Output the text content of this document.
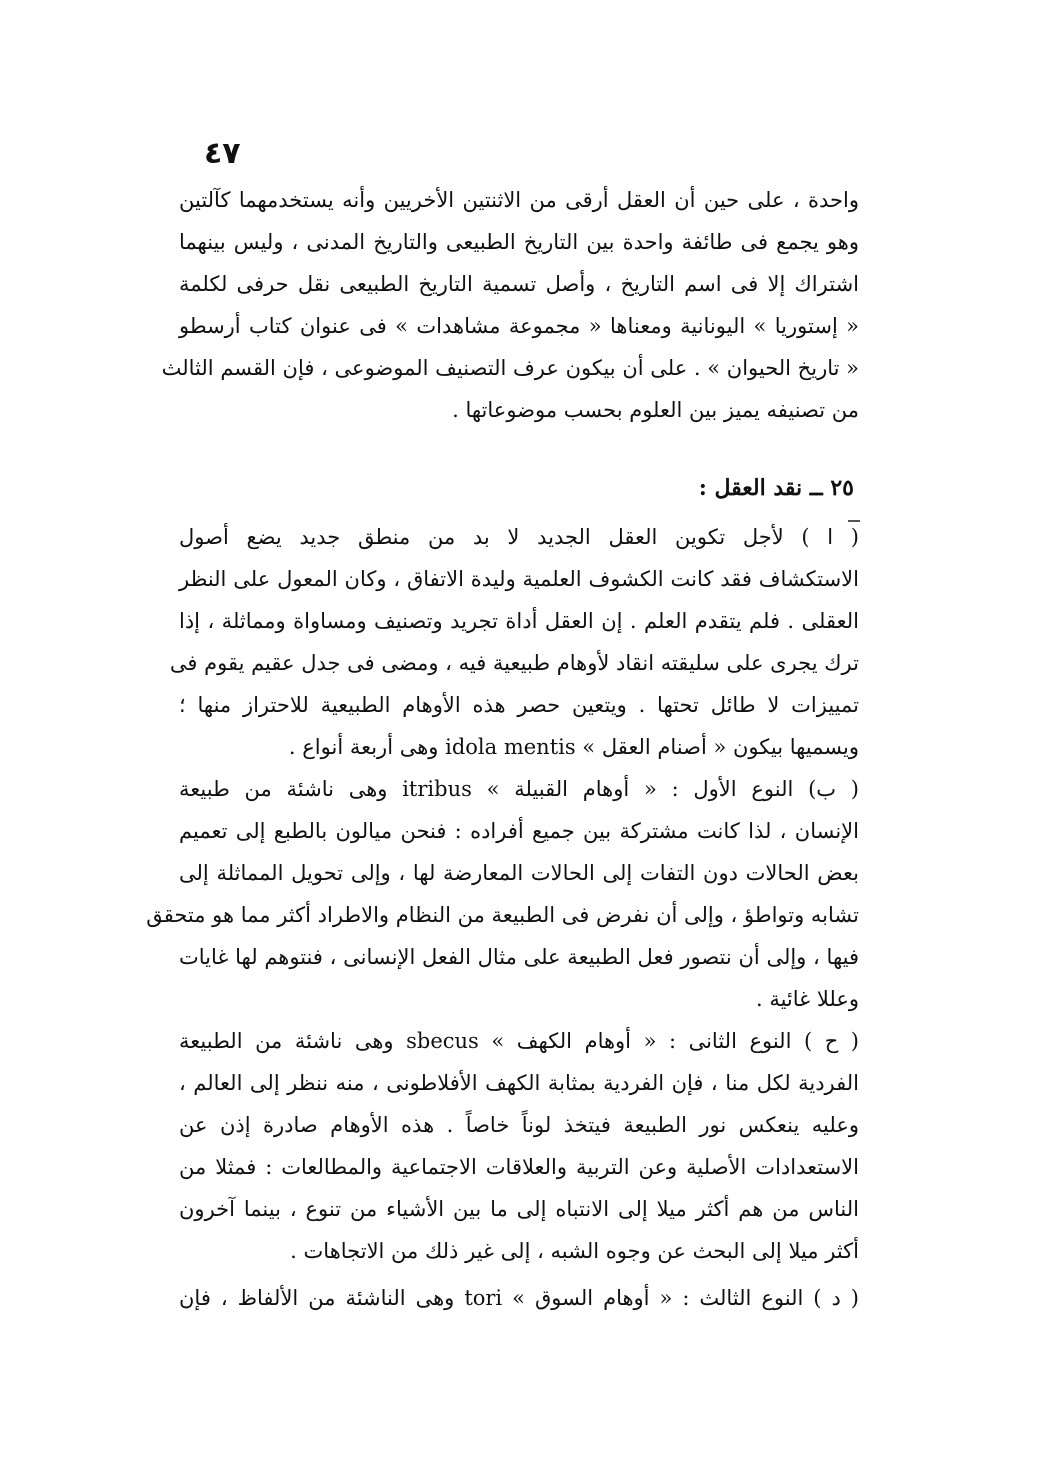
٤٧
واحدة ، على حين أن العقل أرقى من الاثنتين الأخريين وأنه يستخدمهما كآلتين
وهو يجمع فى طائفة واحدة بين التاريخ الطبيعى والتاريخ المدنى ، وليس بينهما
اشتراك إلا فى اسم التاريخ ، وأصل تسمية التاريخ الطبيعى نقل حرفى لكلمة
« إستوريا » اليونانية ومعناها « مجموعة مشاهدات » فى عنوان كتاب أرسطو
« تاريخ الحيوان » . على أن بيكون عرف التصنيف الموضوعى ، فإن القسم الثالث
من تصنيفه يميز بين العلوم بحسب موضوعاتها .
٢٥ ــ نقد العقل :
( ا ) لأجل تكوين العقل الجديد لا بد من منطق جديد يضع أصول
الاستكشاف فقد كانت الكشوف العلمية وليدة الاتفاق ، وكان المعول على النظر
العقلى . فلم يتقدم العلم . إن العقل أداة تجريد وتصنيف ومساواة ومماثلة ، إذا
ترك يجرى على سليقته انقاد لأوهام طبيعية فيه ، ومضى فى جدل عقيم يقوم فى
تمييزات لا طائل تحتها . ويتعين حصر هذه الأوهام الطبيعية للاحتراز منها ؛
ويسميها بيكون « أصنام العقل » idola mentis وهى أربعة أنواع .
( ب) النوع الأول : « أوهام القبيلة » itribus وهى ناشئة من طبيعة
الإنسان ، لذا كانت مشتركة بين جميع أفراده : فنحن ميالون بالطبع إلى تعميم
بعض الحالات دون التفات إلى الحالات المعارضة لها ، وإلى تحويل المماثلة إلى
تشابه وتواطؤ ، وإلى أن نفرض فى الطبيعة من النظام والاطراد أكثر مما هو متحقق
فيها ، وإلى أن نتصور فعل الطبيعة على مثال الفعل الإنسانى ، فنتوهم لها غايات
وعللا غائية .
( ح ) النوع الثانى : « أوهام الكهف » sbecus وهى ناشئة من الطبيعة
الفردية لكل منا ، فإن الفردية بمثابة الكهف الأفلاطونى ، منه ننظر إلى العالم ،
وعليه ينعكس نور الطبيعة فيتخذ لوناً خاصاً . هذه الأوهام صادرة إذن عن
الاستعدادات الأصلية وعن التربية والعلاقات الاجتماعية والمطالعات : فمثلا من
الناس من هم أكثر ميلا إلى الانتباه إلى ما بين الأشياء من تنوع ، بينما آخرون
أكثر ميلا إلى البحث عن وجوه الشبه ، إلى غير ذلك من الاتجاهات .
( د ) النوع الثالث : « أوهام السوق » tori وهى الناشئة من الألفاظ ، فإن
